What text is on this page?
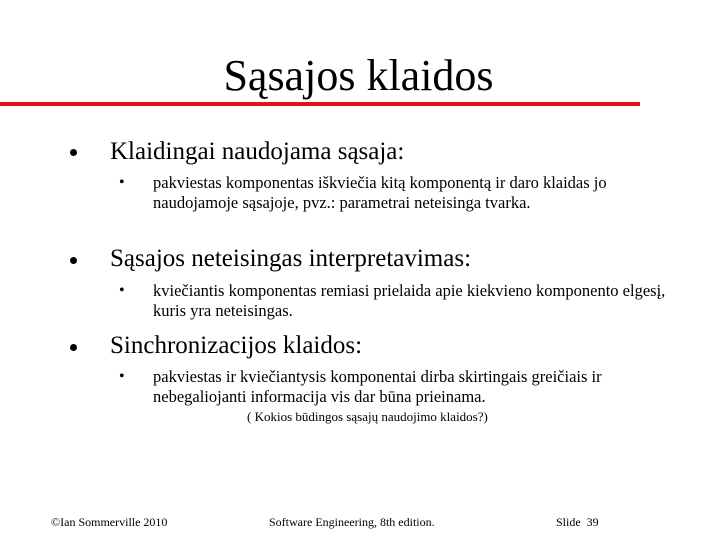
Sąsajos klaidos
Klaidingai naudojama sąsaja:
• pakviestas komponentas iškviečia kitą komponentą ir daro klaidas jo naudojamoje sąsajoje, pvz.: parametrai neteisinga tvarka.
Sąsajos neteisingas interpretavimas:
• kviečiantis komponentas remiasi prielaida apie kiekvieno komponento elgesį, kuris yra neteisingas.
Sinchronizacijos klaidos:
• pakviestas ir kviečiantysis komponentai dirba skirtingais greičiais ir nebegaliojanti informacija vis dar būna prieinama.
( Kokios būdingos sąsajų naudojimo klaidos?)
©Ian Sommerville 2010	Software Engineering, 8th edition.	Slide 39
